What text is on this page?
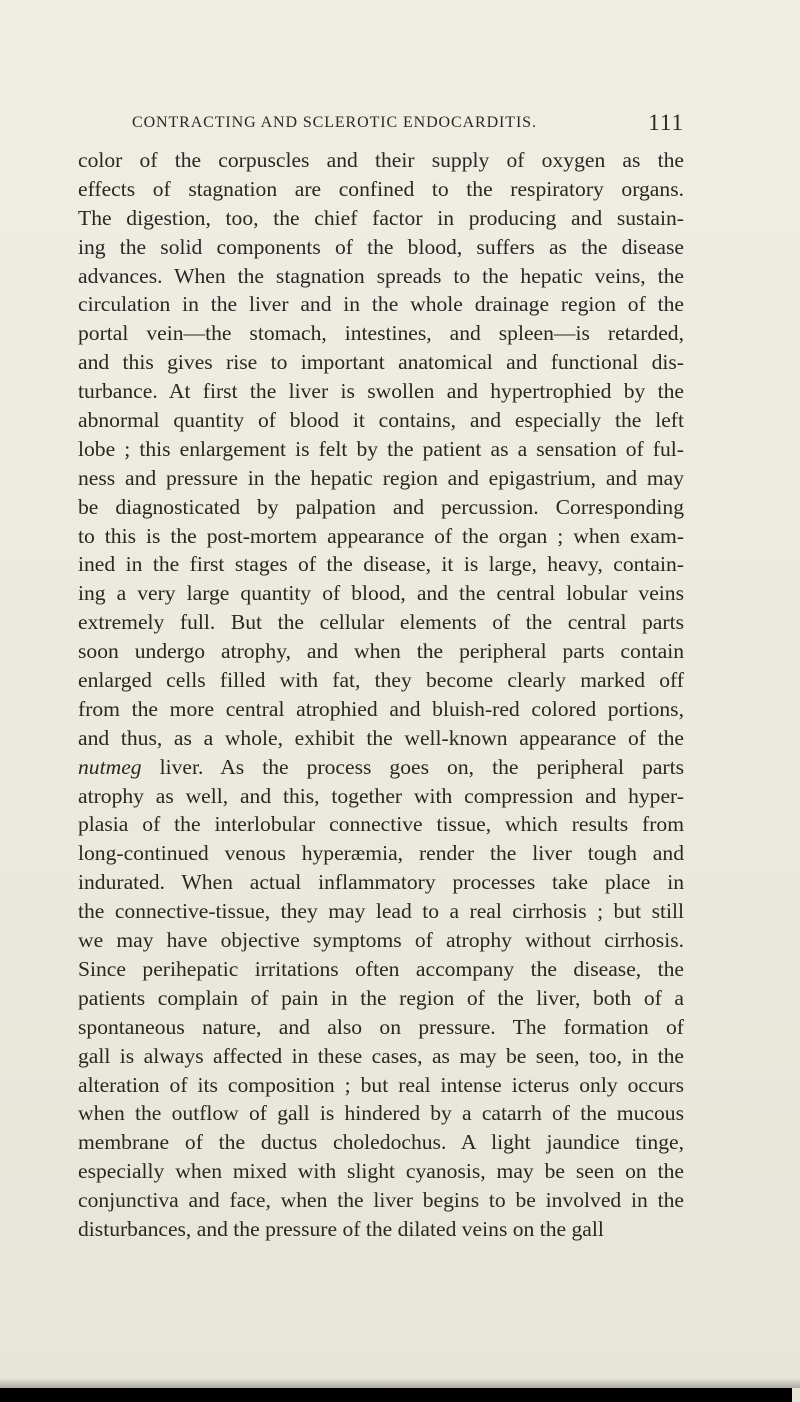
CONTRACTING AND SCLEROTIC ENDOCARDITIS.	111
color of the corpuscles and their supply of oxygen as the
effects of stagnation are confined to the respiratory organs.
The digestion, too, the chief factor in producing and sustain-
ing the solid components of the blood, suffers as the disease
advances. When the stagnation spreads to the hepatic veins, the
circulation in the liver and in the whole drainage region of the
portal vein—the stomach, intestines, and spleen—is retarded,
and this gives rise to important anatomical and functional dis-
turbance. At first the liver is swollen and hypertrophied by the
abnormal quantity of blood it contains, and especially the left
lobe ; this enlargement is felt by the patient as a sensation of ful-
ness and pressure in the hepatic region and epigastrium, and may
be diagnosticated by palpation and percussion. Corresponding
to this is the post-mortem appearance of the organ ; when exam-
ined in the first stages of the disease, it is large, heavy, contain-
ing a very large quantity of blood, and the central lobular veins
extremely full. But the cellular elements of the central parts
soon undergo atrophy, and when the peripheral parts contain
enlarged cells filled with fat, they become clearly marked off
from the more central atrophied and bluish-red colored portions,
and thus, as a whole, exhibit the well-known appearance of the
nutmeg liver. As the process goes on, the peripheral parts
atrophy as well, and this, together with compression and hyper-
plasia of the interlobular connective tissue, which results from
long-continued venous hyperæmia, render the liver tough and
indurated. When actual inflammatory processes take place in
the connective-tissue, they may lead to a real cirrhosis ; but still
we may have objective symptoms of atrophy without cirrhosis.
Since perihepatic irritations often accompany the disease, the
patients complain of pain in the region of the liver, both of a
spontaneous nature, and also on pressure. The formation of
gall is always affected in these cases, as may be seen, too, in the
alteration of its composition ; but real intense icterus only occurs
when the outflow of gall is hindered by a catarrh of the mucous
membrane of the ductus choledochus. A light jaundice tinge,
especially when mixed with slight cyanosis, may be seen on the
conjunctiva and face, when the liver begins to be involved in the
disturbances, and the pressure of the dilated veins on the gall
